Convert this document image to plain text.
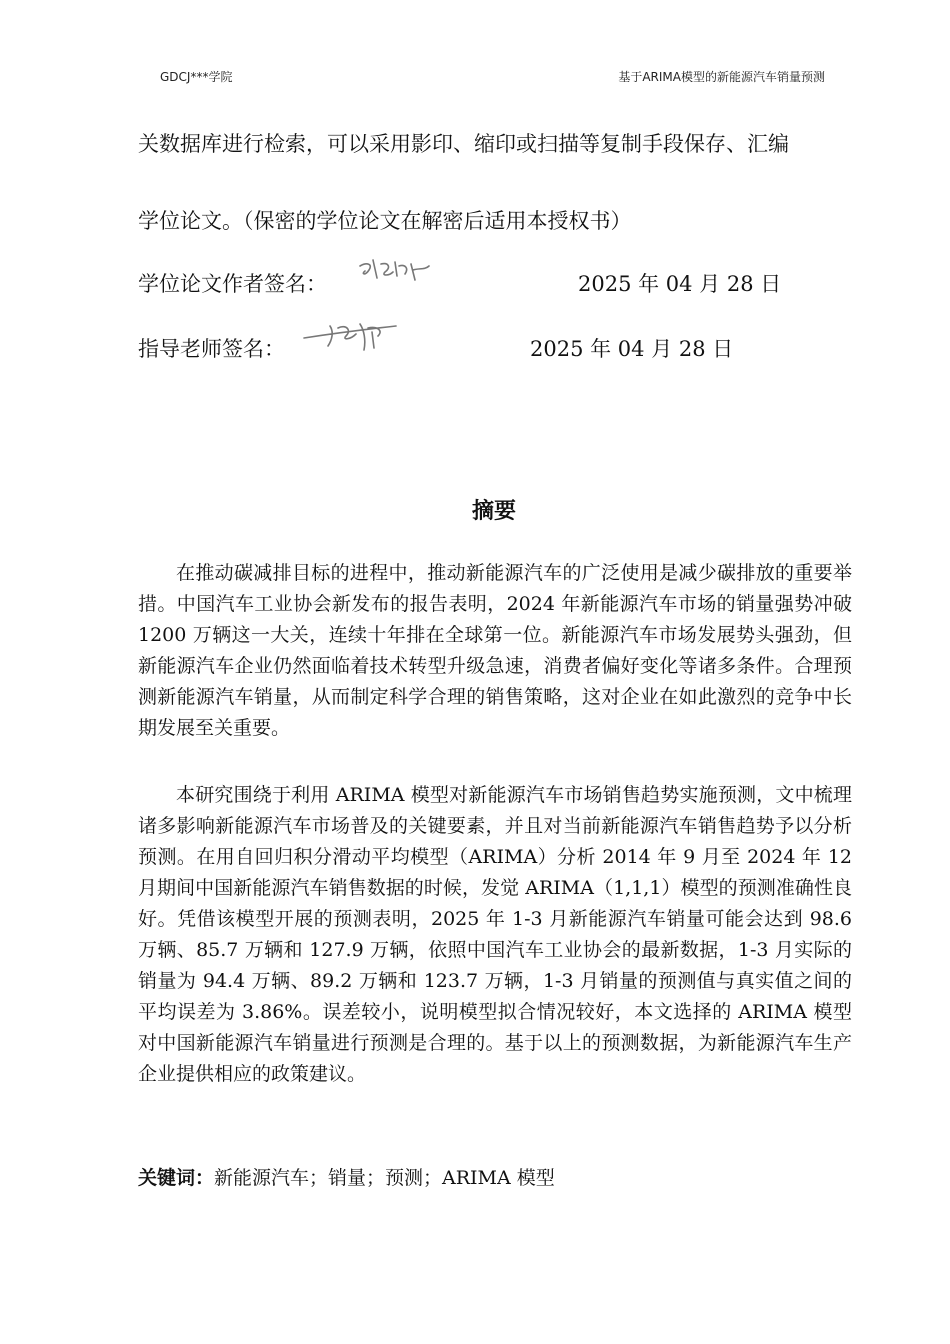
GDCJ***学院	基于ARIMA模型的新能源汽车销量预测
关数据库进行检索，可以采用影印、缩印或扫描等复制手段保存、汇编
学位论文。（保密的学位论文在解密后适用本授权书）
学位论文作者签名：	2025 年 04 月 28 日
指导老师签名：	2025 年 04 月 28 日
摘要
在推动碳减排目标的进程中，推动新能源汽车的广泛使用是减少碳排放的重要举措。中国汽车工业协会新发布的报告表明，2024 年新能源汽车市场的销量强势冲破 1200 万辆这一大关，连续十年排在全球第一位。新能源汽车市场发展势头强劲，但新能源汽车企业仍然面临着技术转型升级急速，消费者偏好变化等诸多条件。合理预测新能源汽车销量，从而制定科学合理的销售策略，这对企业在如此激烈的竞争中长期发展至关重要。
本研究围绕于利用 ARIMA 模型对新能源汽车市场销售趋势实施预测，文中梳理诸多影响新能源汽车市场普及的关键要素，并且对当前新能源汽车销售趋势予以分析预测。在用自回归积分滑动平均模型（ARIMA）分析 2014 年 9 月至 2024 年 12 月期间中国新能源汽车销售数据的时候，发觉 ARIMA（1,1,1）模型的预测准确性良好。凭借该模型开展的预测表明，2025 年 1-3 月新能源汽车销量可能会达到 98.6 万辆、85.7 万辆和 127.9 万辆，依照中国汽车工业协会的最新数据，1-3 月实际的销量为 94.4 万辆、89.2 万辆和 123.7 万辆，1-3 月销量的预测值与真实值之间的平均误差为 3.86%。误差较小，说明模型拟合情况较好，本文选择的 ARIMA 模型对中国新能源汽车销量进行预测是合理的。基于以上的预测数据，为新能源汽车生产企业提供相应的政策建议。
关键词：新能源汽车；销量；预测；ARIMA 模型
